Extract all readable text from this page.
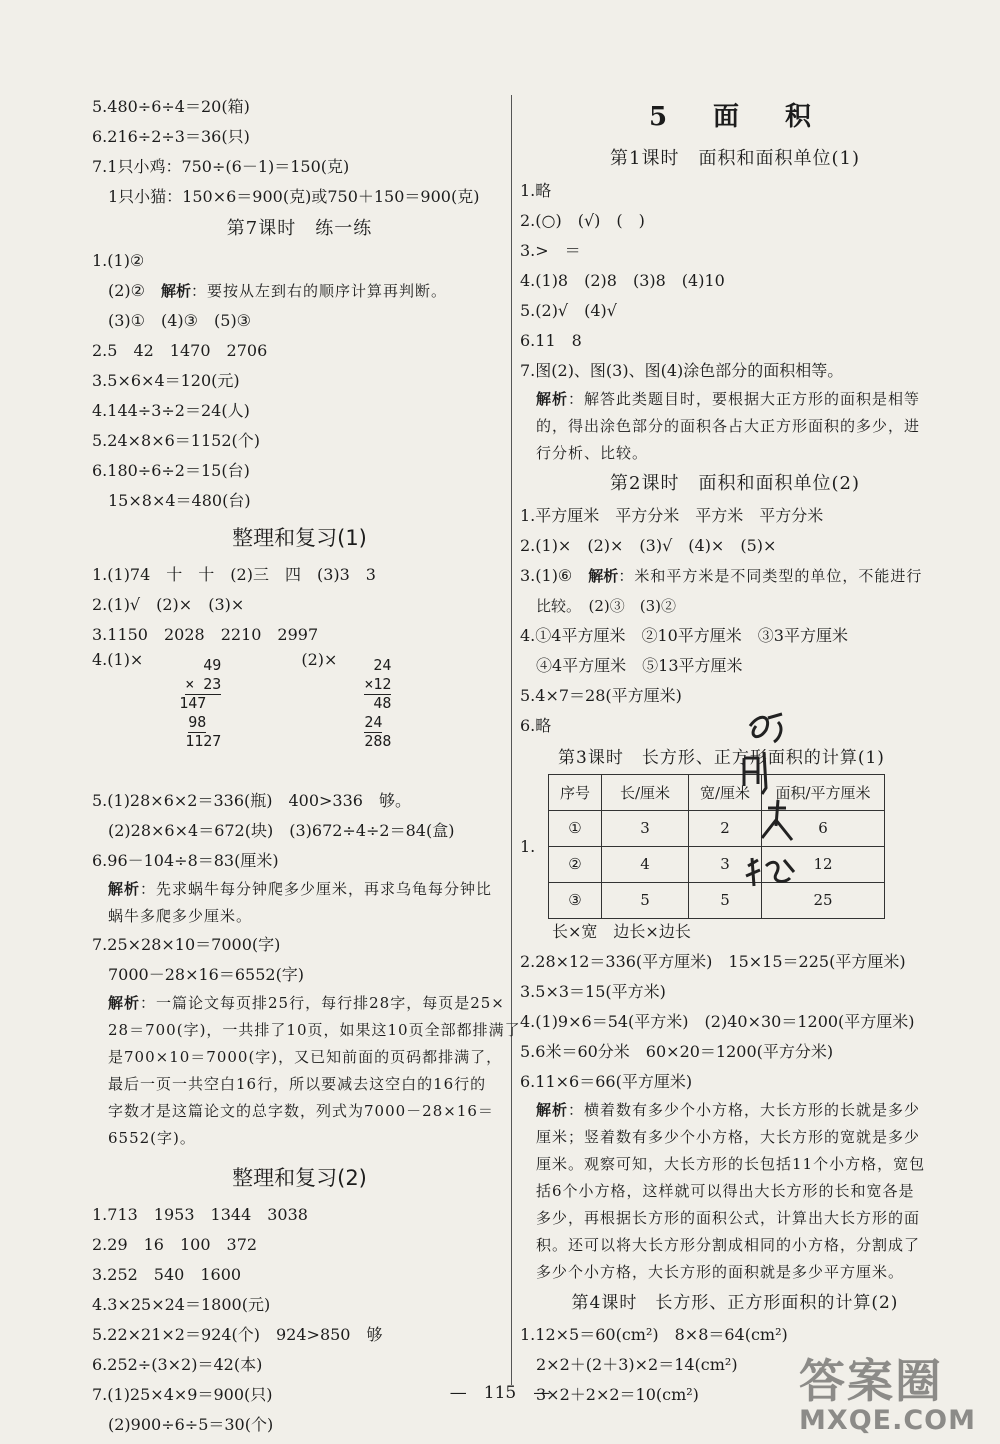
5.480÷6÷4＝20(箱)
6.216÷2÷3＝36(只)
7.1只小鸡：750÷(6－1)＝150(克)
1只小猫：150×6＝900(克)或750＋150＝900(克)
第7课时　练一练
1.(1)②
(2)②　 解析：要按从左到右的顺序计算再判断。
(3)①　(4)③　(5)③
2.5　42　1470　2706
3.5×6×4＝120(元)
4.144÷3÷2＝24(人)
5.24×8×6＝1152(个)
6.180÷6÷2＝15(台)
15×8×4＝480(台)
整理和复习(1)
1.(1)74　十　十　(2)三　四　(3)3　3
2.(1)√　(2)×　(3)×
3.1150　2028　2210　2997
4.(1)×	49
× 23
147
98
1127
(2)×	24
×12
48
24
288
5.(1)28×6×2＝336(瓶)　400>336　够。
(2)28×6×4＝672(块)　(3)672÷4÷2＝84(盒)
6.96－104÷8＝83(厘米)
解析：先求蜗牛每分钟爬多少厘米，再求乌龟每分钟比
蜗牛多爬多少厘米。
7.25×28×10＝7000(字)
7000－28×16＝6552(字)
解析：一篇论文每页排25行，每行排28字，每页是25×
28＝700(字)，一共排了10页，如果这10页全部都排满了
是700×10＝7000(字)，又已知前面的页码都排满了，
最后一页一共空白16行，所以要减去这空白的16行的
字数才是这篇论文的总字数，列式为7000－28×16＝
6552(字)。
整理和复习(2)
1.713　1953　1344　3038
2.29　16　100　372
3.252　540　1600
4.3×25×24＝1800(元)
5.22×21×2＝924(个)　924>850　够
6.252÷(3×2)＝42(本)
7.(1)25×4×9＝900(只)
(2)900÷6÷5＝30(个)
5　面　积
第1课时　面积和面积单位(1)
1.略
2.(○)　(√)　(　)
3.>　＝
4.(1)8　(2)8　(3)8　(4)10
5.(2)√　(4)√
6.11　8
7.图(2)、图(3)、图(4)涂色部分的面积相等。
解析：解答此类题目时，要根据大正方形的面积是相等
的，得出涂色部分的面积各占大正方形面积的多少，进
行分析、比较。
第2课时　面积和面积单位(2)
1.平方厘米　平方分米　平方米　平方分米
2.(1)×　(2)×　(3)√　(4)×　(5)×
3.(1)⑥　 解析：米和平方米是不同类型的单位，不能进行
比较。　(2)③　(3)②
4.①4平方厘米　②10平方厘米　③3平方厘米
④4平方厘米　⑤13平方厘米
5.4×7＝28(平方厘米)
6.略
第3课时　长方形、正方形面积的计算(1)
1.
序号	长/厘米	宽/厘米	面积/平方厘米
①	3	2	6
②	4	3	12
③	5	5	25
长×宽　边长×边长
2.28×12＝336(平方厘米)　15×15＝225(平方厘米)
3.5×3＝15(平方米)
4.(1)9×6＝54(平方米)　(2)40×30＝1200(平方厘米)
5.6米＝60分米　60×20＝1200(平方分米)
6.11×6＝66(平方厘米)
解析：横着数有多少个小方格，大长方形的长就是多少
厘米；竖着数有多少个小方格，大长方形的宽就是多少
厘米。观察可知，大长方形的长包括11个小方格，宽包
括6个小方格，这样就可以得出大长方形的长和宽各是
多少，再根据长方形的面积公式，计算出大长方形的面
积。还可以将大长方形分割成相同的小方格，分割成了
多少个小方格，大长方形的面积就是多少平方厘米。
第4课时　长方形、正方形面积的计算(2)
1.12×5＝60(cm²)　8×8＝64(cm²)
2×2＋(2＋3)×2＝14(cm²)
3×2＋2×2＝10(cm²)
—　115　—	答案圈
MXQE.COM
